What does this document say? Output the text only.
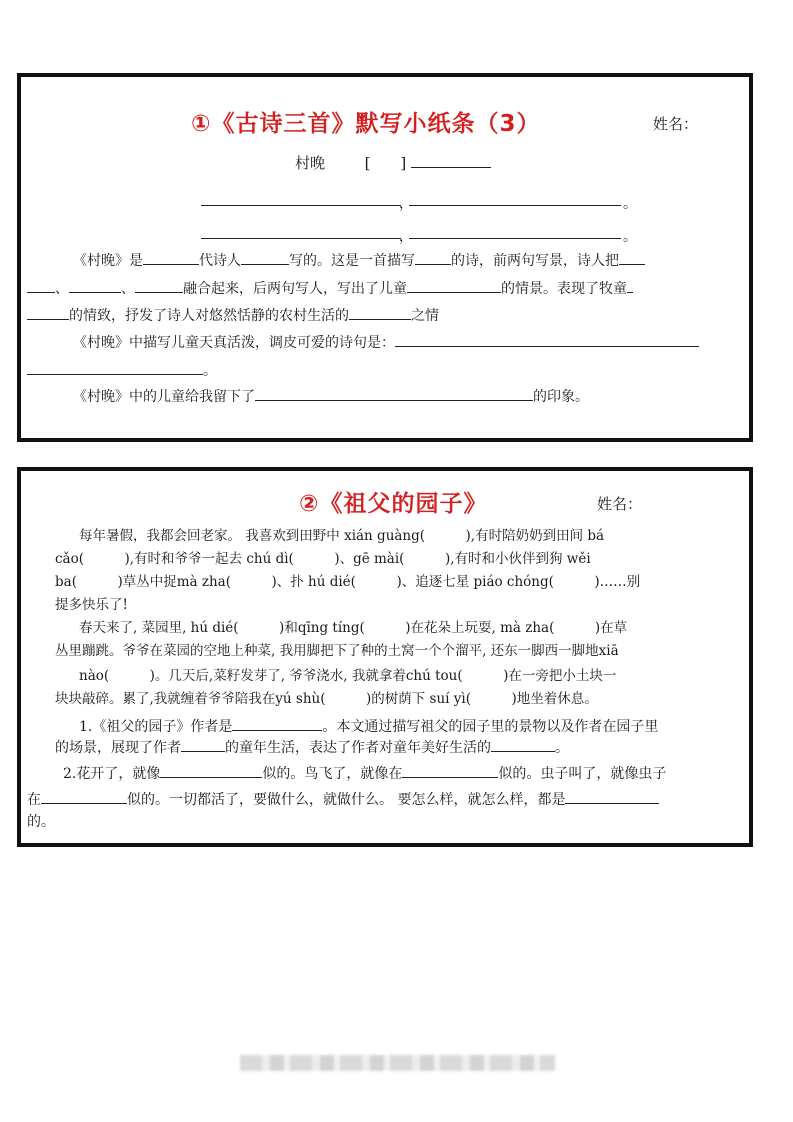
①《古诗三首》默写小纸条（3）	姓名：
村晚	[　　]
，	。
，	。
《村晚》是	代诗人	写的。这是一首描写	的诗，前两句写景，诗人把
、	、	融合起来，后两句写人，写出了儿童	的情景。表现了牧童
的情致，抒发了诗人对悠然恬静的农村生活的	之情
《村晚》中描写儿童天真活泼，调皮可爱的诗句是：
。
《村晚》中的儿童给我留下了	的印象。
②《祖父的园子》	姓名：
每年暑假，我都会回老家。 我喜欢到田野中 xián guàng(　　　),有时陪奶奶到田间 bá
cǎo(　　　),有时和爷爷一起去 chú dì(　　　)、gē mài(　　　),有时和小伙伴到狗 wěi
ba(　　　)草丛中捉mà zha(　　　)、扑 hú dié(　　　)、追逐七星 piáo chóng(　　　)……别
提多快乐了!
春天来了, 菜园里, hú dié(　　　)和qīng tíng(　　　)在花朵上玩耍, mà zha(　　　)在草
丛里蹦跳。爷爷在菜园的空地上种菜, 我用脚把下了种的土窝一个个溜平, 还东一脚西一脚地xiā
nào(　　　)。几天后,菜籽发芽了, 爷爷浇水, 我就拿着chú tou(　　　)在一旁把小土块一
块块敲碎。累了,我就缠着爷爷陪我在yú shù(　　　)的树荫下 suí yì(　　　)地坐着休息。
1.《祖父的园子》作者是	。本文通过描写祖父的园子里的景物以及作者在园子里
的场景，展现了作者	的童年生活，表达了作者对童年美好生活的	。
2.花开了，就像	似的。鸟飞了，就像在	似的。虫子叫了，就像虫子
在	似的。一切都活了，要做什么，就做什么。 要怎么样，就怎么样，都是
的。
